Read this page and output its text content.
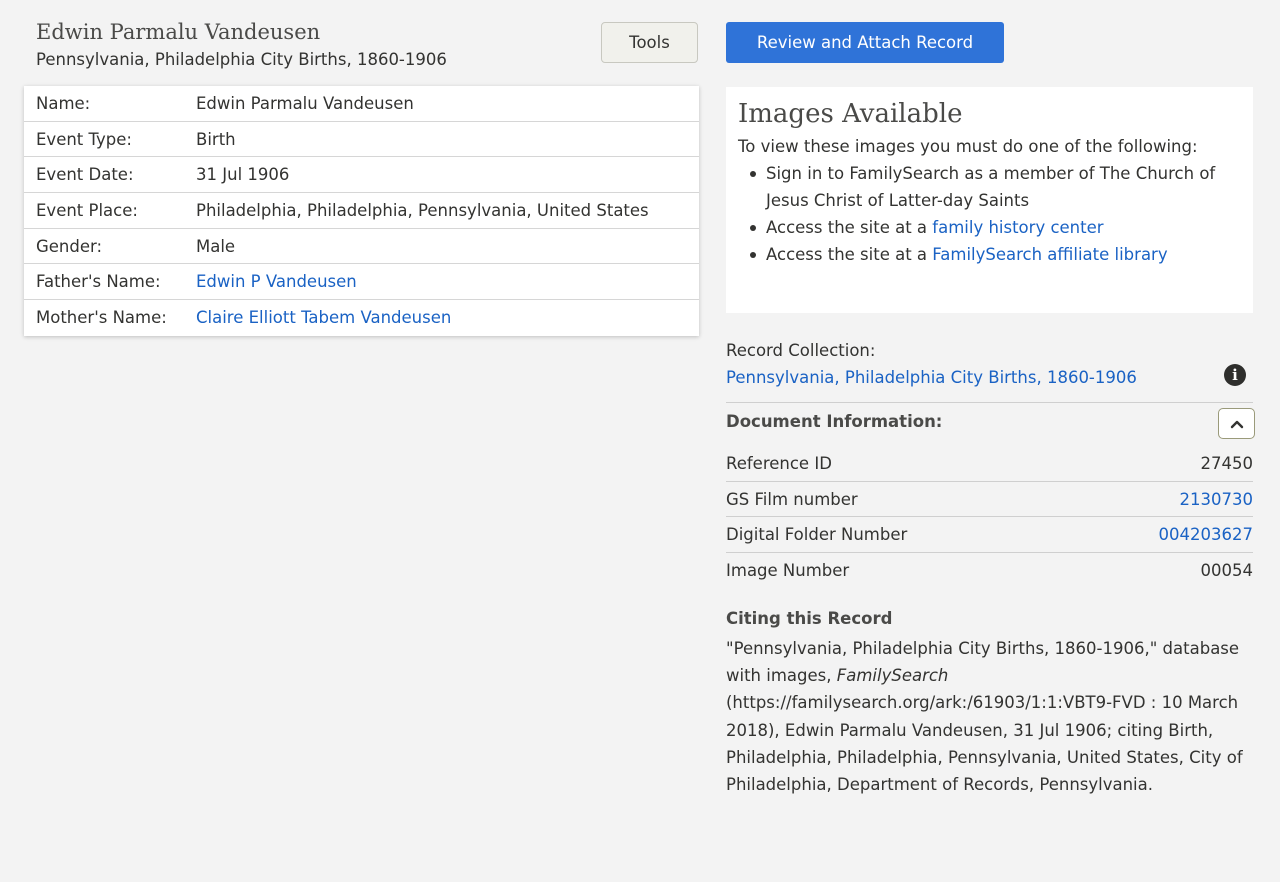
Edwin Parmalu Vandeusen
Pennsylvania, Philadelphia City Births, 1860-1906
Tools
Name:	Edwin Parmalu Vandeusen
Event Type:	Birth
Event Date:	31 Jul 1906
Event Place:	Philadelphia, Philadelphia, Pennsylvania, United States
Gender:	Male
Father's Name:	Edwin P Vandeusen
Mother's Name:	Claire Elliott Tabem Vandeusen
Review and Attach Record
Images Available
To view these images you must do one of the following:
Sign in to FamilySearch as a member of The Church of Jesus Christ of Latter-day Saints
Access the site at a family history center
Access the site at a FamilySearch affiliate library
Record Collection:
Pennsylvania, Philadelphia City Births, 1860-1906	i
Document Information:
Reference ID	27450
GS Film number	2130730
Digital Folder Number	004203627
Image Number	00054
Citing this Record
"Pennsylvania, Philadelphia City Births, 1860-1906," database with images, FamilySearch (https://familysearch.org/ark:/61903/1:1:VBT9-FVD : 10 March 2018), Edwin Parmalu Vandeusen, 31 Jul 1906; citing Birth, Philadelphia, Philadelphia, Pennsylvania, United States, City of Philadelphia, Department of Records, Pennsylvania.
